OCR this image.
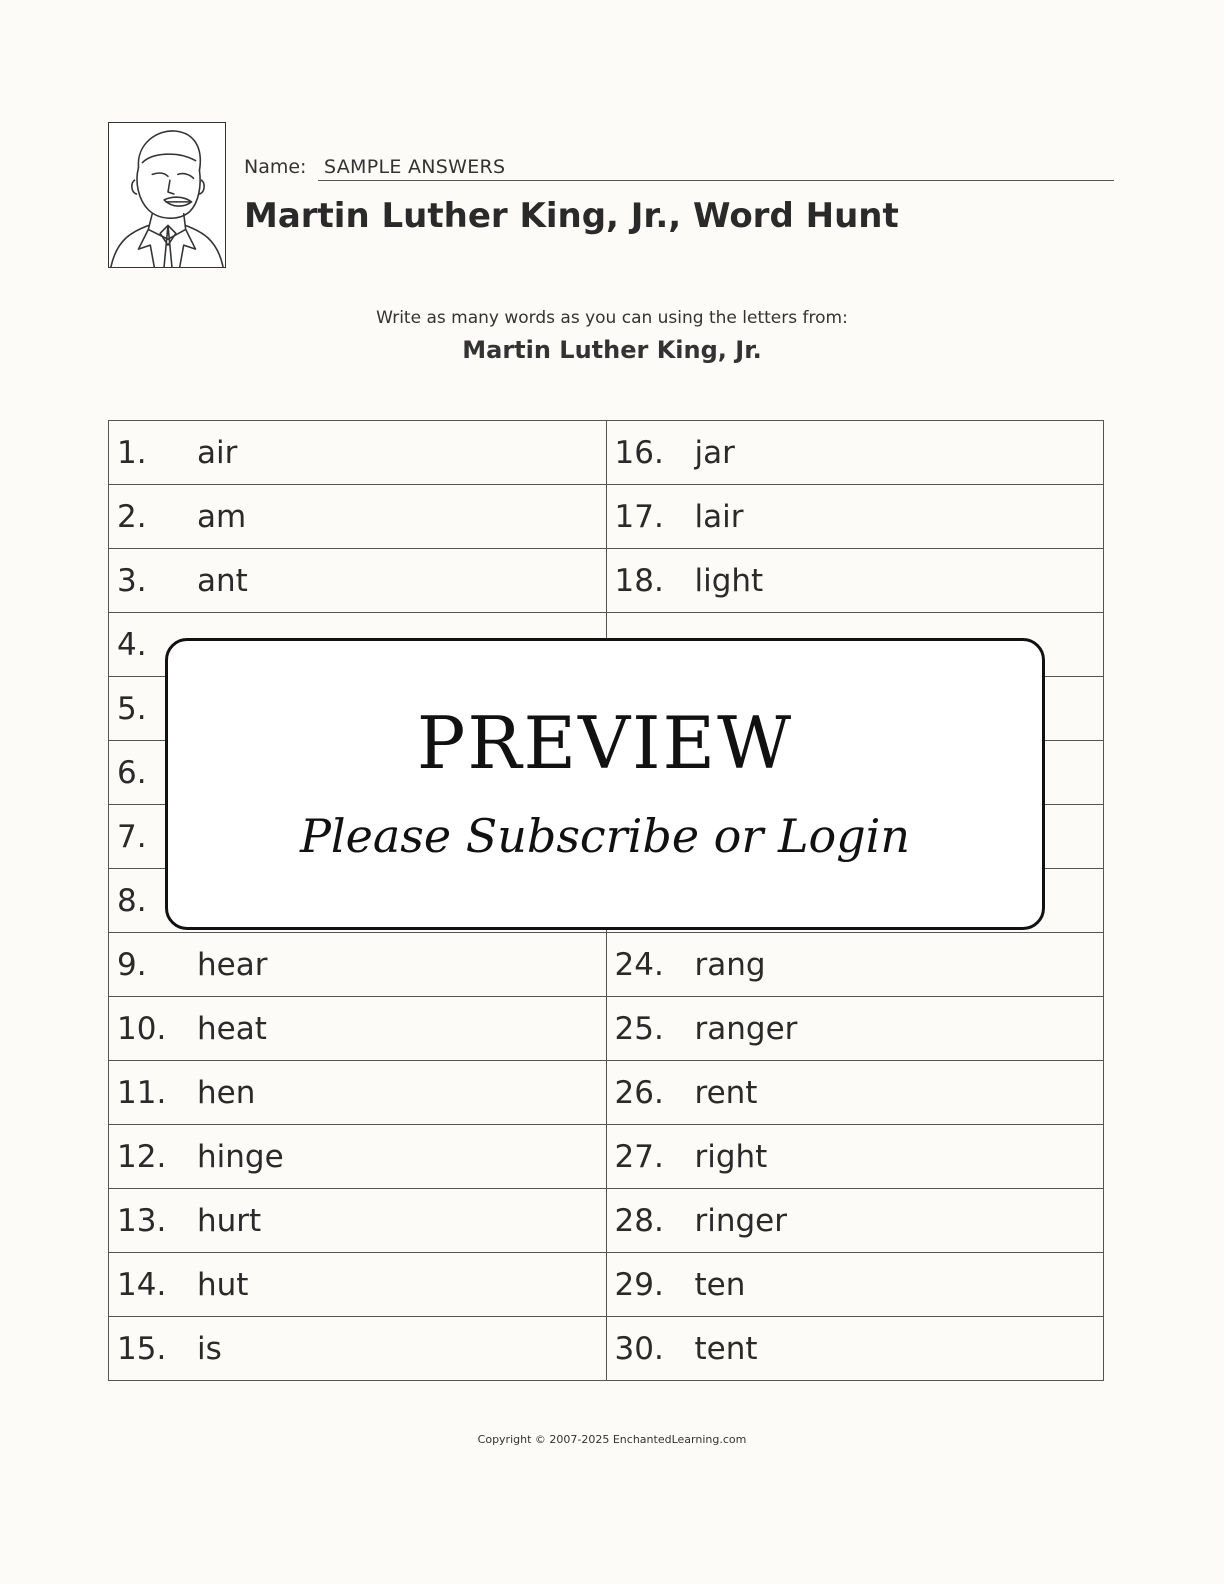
Name: SAMPLE ANSWERS
Martin Luther King, Jr., Word Hunt
Write as many words as you can using the letters from:
Martin Luther King, Jr.
1. air	16. jar
2. am	17. lair
3. ant	18. light
4.	
5.	
6.	
7.	
8.	
9. hear	24. rang
10. heat	25. ranger
11. hen	26. rent
12. hinge	27. right
13. hurt	28. ringer
14. hut	29. ten
15. is	30. tent
PREVIEW
Please Subscribe or Login
Copyright © 2007-2025 EnchantedLearning.com
